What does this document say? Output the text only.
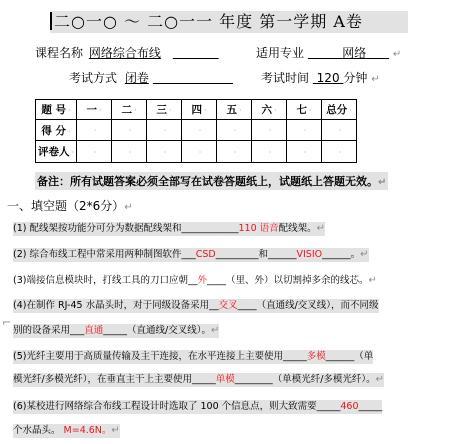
二○一○ ～ 二○一一 年度 第一学期 A卷
课程名称 网络综合布线	适用专业	网络	↵
考试方式 闭卷	考试时间 120 分钟 ↵
题 号 ·	一 ·	二 ·	三 ·	四 ·	五 ·	六 ·	七 ·	总分 ·
得 分 ·	·	·	·	·	·	·	·	·
评卷人 ·	·	·	·	·	·	·	·	·
备注：所有试题答案必须全部写在试卷答题纸上，试题纸上答题无效。↵
一、填空题（2*6分）↵
(1) 配线架按功能分可分为数据配线架和____________110 语音配线架。↵
(2) 综合布线工程中常采用两种制图软件___CSD_________和______VISIO______。↵
(3)端接信息模块时，打线工具的刀口应朝__外____（里、外）以切割掉多余的线芯。↵
(4)在制作 RJ-45 水晶头时，对于同级设备采用__交叉____（直通线/交叉线），而不同级
⌐
别的设备采用___直通_____（直通线/交叉线）。↵
(5)光纤主要用于高质量传输及主干连接，在水平连接上主要使用_____多模______（单
模光纤/多模光纤），在垂直主干上主要使用_____单模________（单模光纤/多模光纤）。↵
(6)某校进行网络综合布线工程设计时选取了 100 个信息点，则大致需要_____460_____
个水晶头。 M=4.6N。↵
